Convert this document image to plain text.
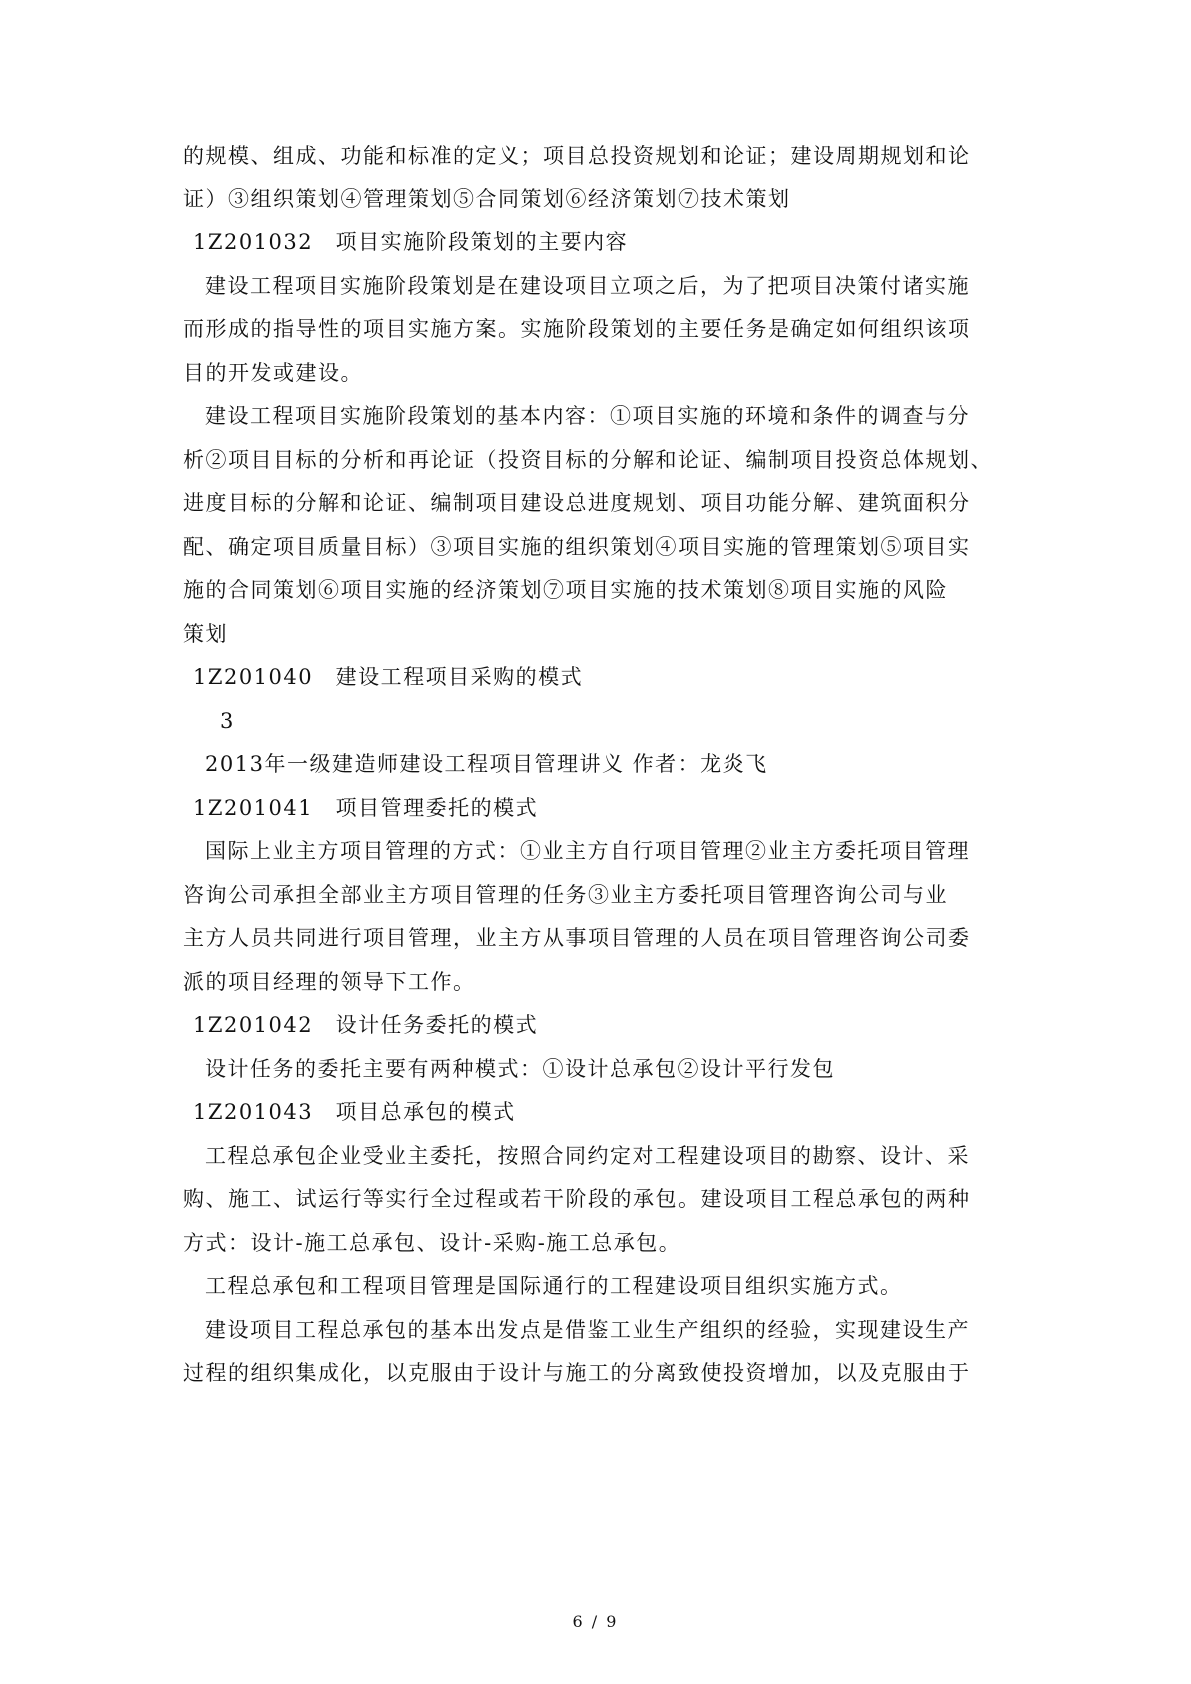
的规模、组成、功能和标准的定义；项目总投资规划和论证；建设周期规划和论
证）③组织策划④管理策划⑤合同策划⑥经济策划⑦技术策划
1Z201032　项目实施阶段策划的主要内容
建设工程项目实施阶段策划是在建设项目立项之后，为了把项目决策付诸实施
而形成的指导性的项目实施方案。实施阶段策划的主要任务是确定如何组织该项
目的开发或建设。
建设工程项目实施阶段策划的基本内容：①项目实施的环境和条件的调查与分
析②项目目标的分析和再论证（投资目标的分解和论证、编制项目投资总体规划、
进度目标的分解和论证、编制项目建设总进度规划、项目功能分解、建筑面积分
配、确定项目质量目标）③项目实施的组织策划④项目实施的管理策划⑤项目实
施的合同策划⑥项目实施的经济策划⑦项目实施的技术策划⑧项目实施的风险
策划
1Z201040　建设工程项目采购的模式
3
2013年一级建造师建设工程项目管理讲义 作者：龙炎飞
1Z201041　项目管理委托的模式
国际上业主方项目管理的方式：①业主方自行项目管理②业主方委托项目管理
咨询公司承担全部业主方项目管理的任务③业主方委托项目管理咨询公司与业
主方人员共同进行项目管理，业主方从事项目管理的人员在项目管理咨询公司委
派的项目经理的领导下工作。
1Z201042　设计任务委托的模式
设计任务的委托主要有两种模式：①设计总承包②设计平行发包
1Z201043　项目总承包的模式
工程总承包企业受业主委托，按照合同约定对工程建设项目的勘察、设计、采
购、施工、试运行等实行全过程或若干阶段的承包。建设项目工程总承包的两种
方式：设计-施工总承包、设计-采购-施工总承包。
工程总承包和工程项目管理是国际通行的工程建设项目组织实施方式。
建设项目工程总承包的基本出发点是借鉴工业生产组织的经验，实现建设生产
过程的组织集成化，以克服由于设计与施工的分离致使投资增加，以及克服由于
6 / 9
